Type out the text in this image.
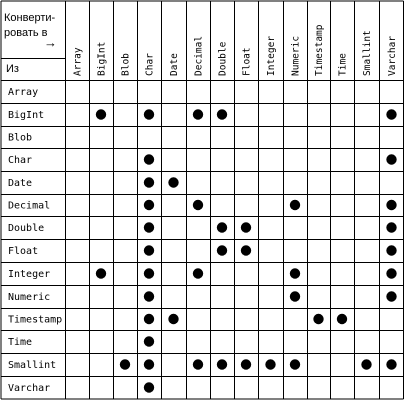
Конверти-
ровать в
→
Из	Array BigInt Blob Char Date Decimal Double Float Integer Numeric Timestamp Time Smallint Varchar
Array
BigInt
Blob
Char
Date
Decimal
Double
Float
Integer
Numeric
Timestamp
Time
Smallint
Varchar
